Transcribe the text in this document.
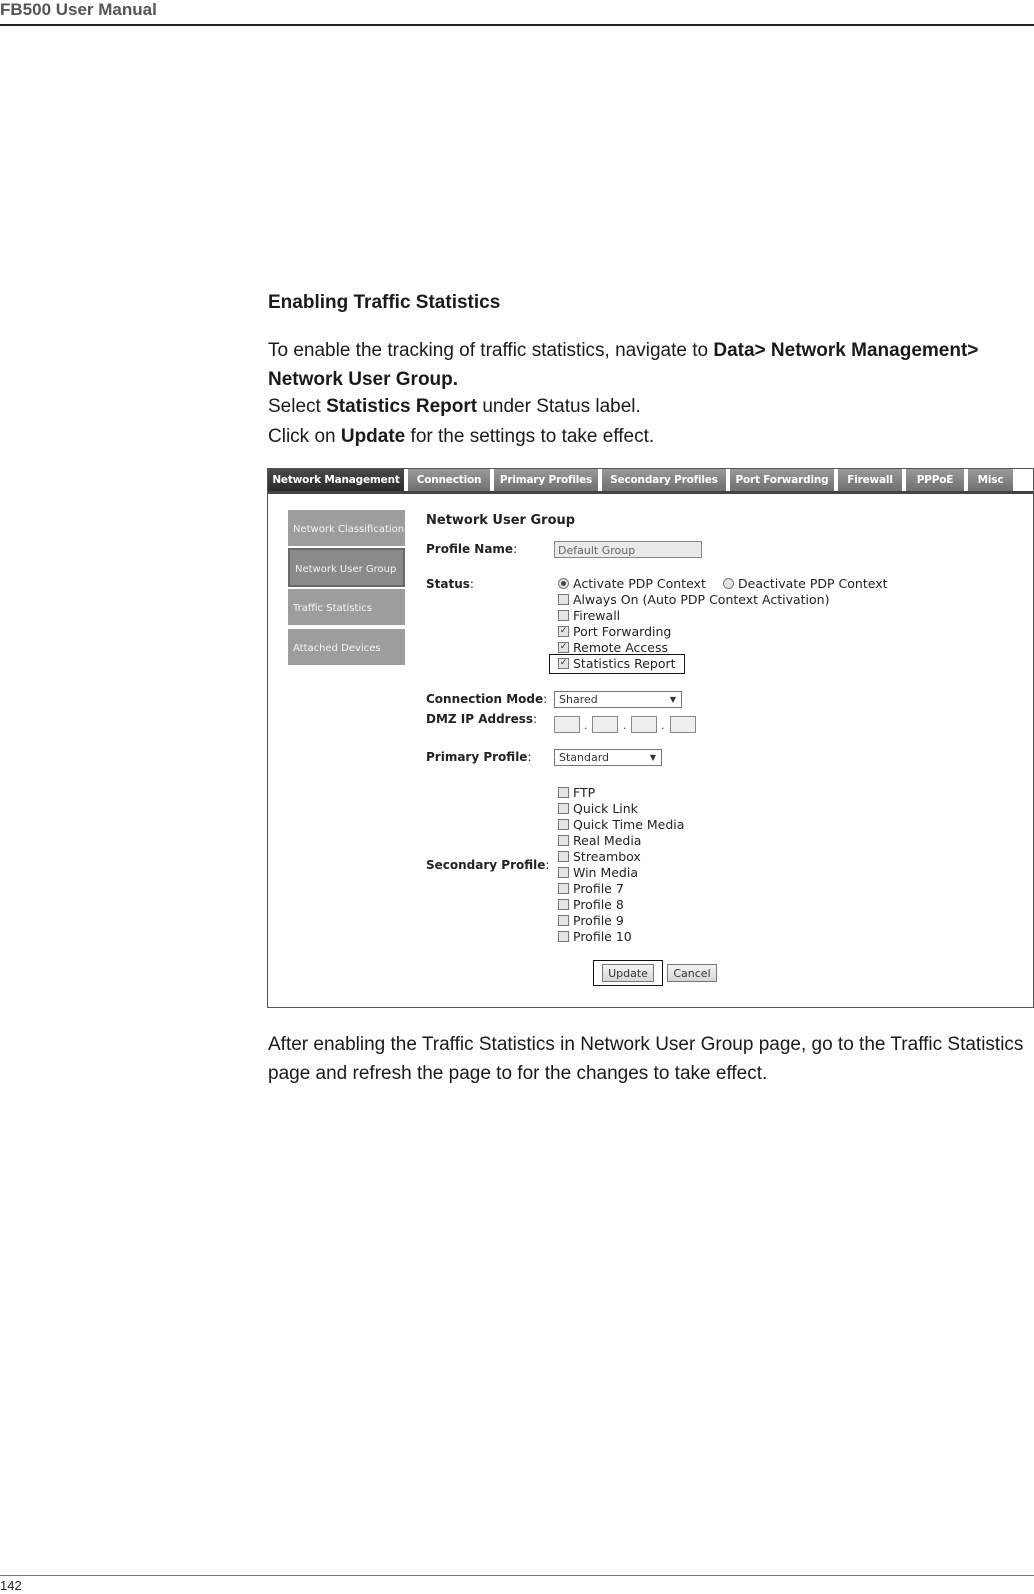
FB500 User Manual
Enabling Traffic Statistics
To enable the tracking of traffic statistics, navigate to Data> Network Management> Network User Group.
Select Statistics Report under Status label.
Click on Update for the settings to take effect.
Network Management	Connection	Primary Profiles	Secondary Profiles	Port Forwarding	Firewall	PPPoE	Misc
Network Classification
Network User Group
Traffic Statistics
Attached Devices
Network User Group
Profile Name:	Default Group
Status:	Activate PDP Context	Deactivate PDP Context
Always On (Auto PDP Context Activation)
Firewall
✓ Port Forwarding
✓ Remote Access
✓ Statistics Report
Connection Mode:	Shared	▼
DMZ IP Address:	.	.	.
Primary Profile:	Standard	▼
Secondary Profile:
FTP
Quick Link
Quick Time Media
Real Media
Streambox
Win Media
Profile 7
Profile 8
Profile 9
Profile 10
Update	Cancel
After enabling the Traffic Statistics in Network User Group page, go to the Traffic Statistics page and refresh the page to for the changes to take effect.
142
